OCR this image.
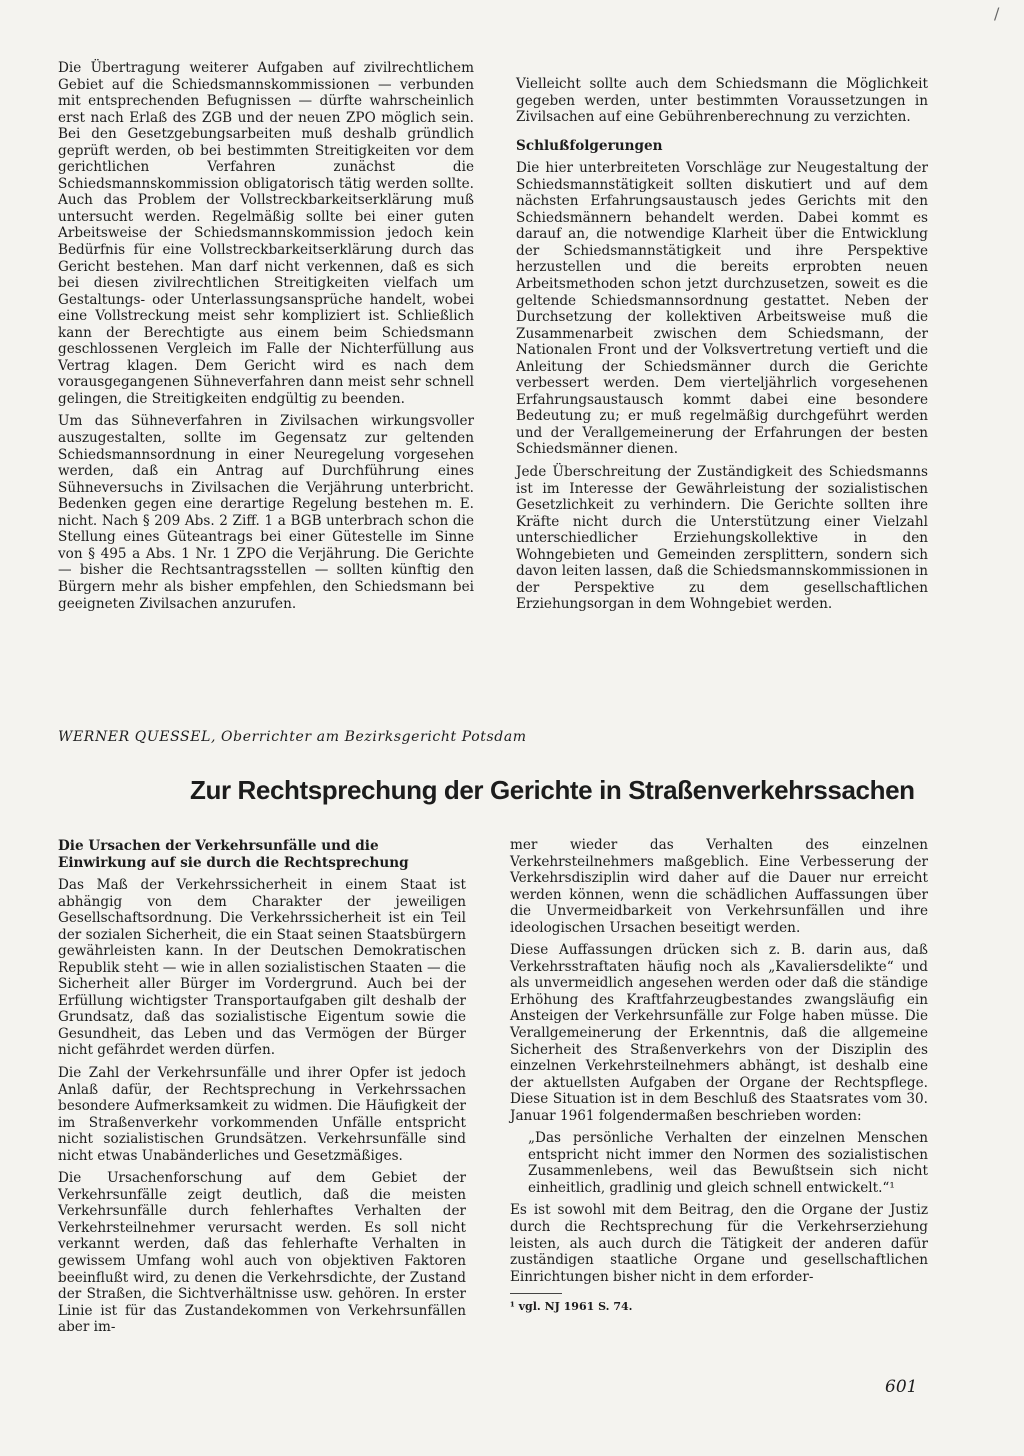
/

Die Übertragung weiterer Aufgaben auf zivilrechtlichem Gebiet auf die Schiedsmannskommissionen — verbunden mit entsprechenden Befugnissen — dürfte wahrscheinlich erst nach Erlaß des ZGB und der neuen ZPO möglich sein. Bei den Gesetzgebungsarbeiten muß deshalb gründlich geprüft werden, ob bei bestimmten Streitigkeiten vor dem gerichtlichen Verfahren zunächst die Schiedsmannskommission obligatorisch tätig werden sollte. Auch das Problem der Vollstreckbarkeitserklärung muß untersucht werden. Regelmäßig sollte bei einer guten Arbeitsweise der Schiedsmannskommission jedoch kein Bedürfnis für eine Vollstreckbarkeitserklärung durch das Gericht bestehen. Man darf nicht verkennen, daß es sich bei diesen zivilrechtlichen Streitigkeiten vielfach um Gestaltungs- oder Unterlassungsansprüche handelt, wobei eine Vollstreckung meist sehr kompliziert ist. Schließlich kann der Berechtigte aus einem beim Schiedsmann geschlossenen Vergleich im Falle der Nichterfüllung aus Vertrag klagen. Dem Gericht wird es nach dem vorausgegangenen Sühneverfahren dann meist sehr schnell gelingen, die Streitigkeiten endgültig zu beenden.

Um das Sühneverfahren in Zivilsachen wirkungsvoller auszugestalten, sollte im Gegensatz zur geltenden Schiedsmannsordnung in einer Neuregelung vorgesehen werden, daß ein Antrag auf Durchführung eines Sühneversuchs in Zivilsachen die Verjährung unterbricht. Bedenken gegen eine derartige Regelung bestehen m. E. nicht. Nach § 209 Abs. 2 Ziff. 1 a BGB unterbrach schon die Stellung eines Güteantrags bei einer Gütestelle im Sinne von § 495 a Abs. 1 Nr. 1 ZPO die Verjährung. Die Gerichte — bisher die Rechtsantragsstellen — sollten künftig den Bürgern mehr als bisher empfehlen, den Schiedsmann bei geeigneten Zivilsachen anzurufen.

Vielleicht sollte auch dem Schiedsmann die Möglichkeit gegeben werden, unter bestimmten Voraussetzungen in Zivilsachen auf eine Gebührenberechnung zu verzichten.

Schlußfolgerungen

Die hier unterbreiteten Vorschläge zur Neugestaltung der Schiedsmannstätigkeit sollten diskutiert und auf dem nächsten Erfahrungsaustausch jedes Gerichts mit den Schiedsmännern behandelt werden. Dabei kommt es darauf an, die notwendige Klarheit über die Entwicklung der Schiedsmannstätigkeit und ihre Perspektive herzustellen und die bereits erprobten neuen Arbeitsmethoden schon jetzt durchzusetzen, soweit es die geltende Schiedsmannsordnung gestattet. Neben der Durchsetzung der kollektiven Arbeitsweise muß die Zusammenarbeit zwischen dem Schiedsmann, der Nationalen Front und der Volksvertretung vertieft und die Anleitung der Schiedsmänner durch die Gerichte verbessert werden. Dem vierteljährlich vorgesehenen Erfahrungsaustausch kommt dabei eine besondere Bedeutung zu; er muß regelmäßig durchgeführt werden und der Verallgemeinerung der Erfahrungen der besten Schiedsmänner dienen.

Jede Überschreitung der Zuständigkeit des Schiedsmanns ist im Interesse der Gewährleistung der sozialistischen Gesetzlichkeit zu verhindern. Die Gerichte sollten ihre Kräfte nicht durch die Unterstützung einer Vielzahl unterschiedlicher Erziehungskollektive in den Wohngebieten und Gemeinden zersplittern, sondern sich davon leiten lassen, daß die Schiedsmannskommissionen in der Perspektive zu dem gesellschaftlichen Erziehungsorgan in dem Wohngebiet werden.

WERNER QUESSEL, Oberrichter am Bezirksgericht Potsdam
Zur Rechtsprechung der Gerichte in Straßenverkehrssachen
Die Ursachen der Verkehrsunfälle und die Einwirkung auf sie durch die Rechtsprechung

Das Maß der Verkehrssicherheit in einem Staat ist abhängig von dem Charakter der jeweiligen Gesellschaftsordnung. Die Verkehrssicherheit ist ein Teil der sozialen Sicherheit, die ein Staat seinen Staatsbürgern gewährleisten kann. In der Deutschen Demokratischen Republik steht — wie in allen sozialistischen Staaten — die Sicherheit aller Bürger im Vordergrund. Auch bei der Erfüllung wichtigster Transportaufgaben gilt deshalb der Grundsatz, daß das sozialistische Eigentum sowie die Gesundheit, das Leben und das Vermögen der Bürger nicht gefährdet werden dürfen.

Die Zahl der Verkehrsunfälle und ihrer Opfer ist jedoch Anlaß dafür, der Rechtsprechung in Verkehrssachen besondere Aufmerksamkeit zu widmen. Die Häufigkeit der im Straßenverkehr vorkommenden Unfälle entspricht nicht sozialistischen Grundsätzen. Verkehrsunfälle sind nicht etwas Unabänderliches und Gesetzmäßiges.

Die Ursachenforschung auf dem Gebiet der Verkehrsunfälle zeigt deutlich, daß die meisten Verkehrsunfälle durch fehlerhaftes Verhalten der Verkehrsteilnehmer verursacht werden. Es soll nicht verkannt werden, daß das fehlerhafte Verhalten in gewissem Umfang wohl auch von objektiven Faktoren beeinflußt wird, zu denen die Verkehrsdichte, der Zustand der Straßen, die Sichtverhältnisse usw. gehören. In erster Linie ist für das Zustandekommen von Verkehrsunfällen aber im-

mer wieder das Verhalten des einzelnen Verkehrsteilnehmers maßgeblich. Eine Verbesserung der Verkehrsdisziplin wird daher auf die Dauer nur erreicht werden können, wenn die schädlichen Auffassungen über die Unvermeidbarkeit von Verkehrsunfällen und ihre ideologischen Ursachen beseitigt werden.

Diese Auffassungen drücken sich z. B. darin aus, daß Verkehrsstraftaten häufig noch als „Kavaliersdelikte“ und als unvermeidlich angesehen werden oder daß die ständige Erhöhung des Kraftfahrzeugbestandes zwangsläufig ein Ansteigen der Verkehrsunfälle zur Folge haben müsse. Die Verallgemeinerung der Erkenntnis, daß die allgemeine Sicherheit des Straßenverkehrs von der Disziplin des einzelnen Verkehrsteilnehmers abhängt, ist deshalb eine der aktuellsten Aufgaben der Organe der Rechtspflege. Diese Situation ist in dem Beschluß des Staatsrates vom 30. Januar 1961 folgendermaßen beschrieben worden:

„Das persönliche Verhalten der einzelnen Menschen entspricht nicht immer den Normen des sozialistischen Zusammenlebens, weil das Bewußtsein sich nicht einheitlich, gradlinig und gleich schnell entwickelt.“¹

Es ist sowohl mit dem Beitrag, den die Organe der Justiz durch die Rechtsprechung für die Verkehrserziehung leisten, als auch durch die Tätigkeit der anderen dafür zuständigen staatliche Organe und gesellschaftlichen Einrichtungen bisher nicht in dem erforder-

¹ vgl. NJ 1961 S. 74.
601
